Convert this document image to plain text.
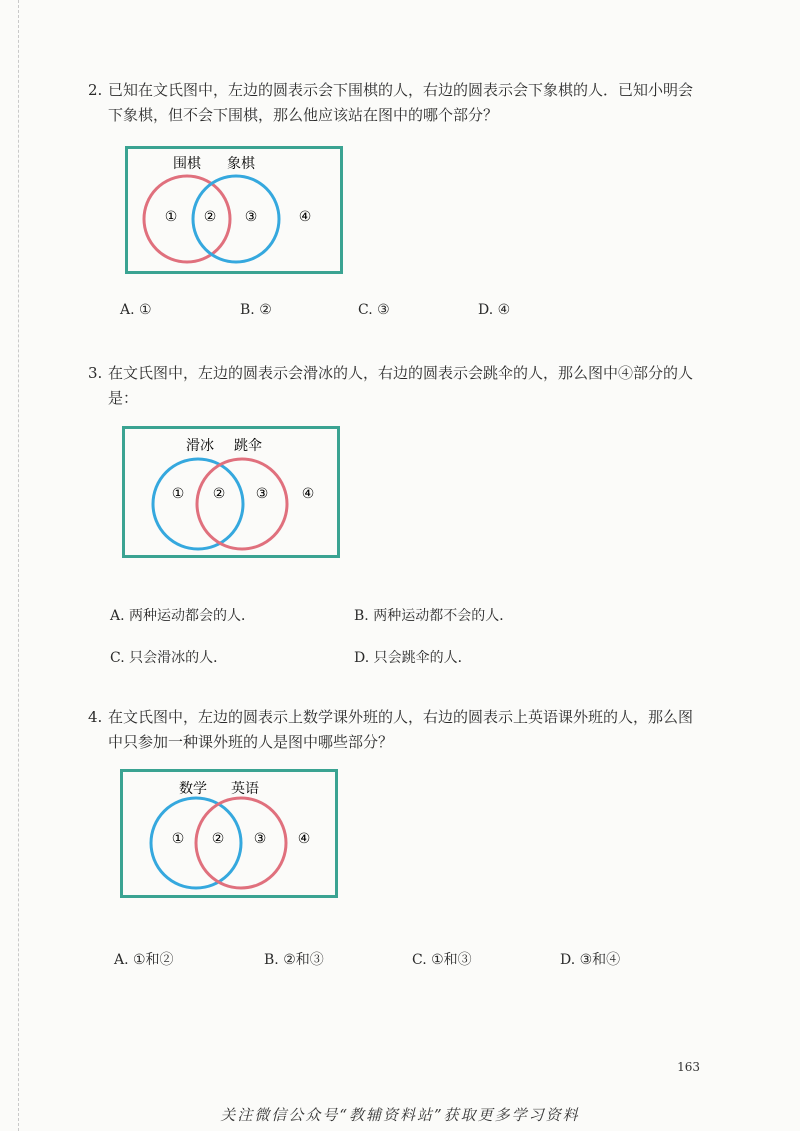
2. 已知在文氏图中，左边的圆表示会下围棋的人，右边的圆表示会下象棋的人．已知小明会
下象棋，但不会下围棋，那么他应该站在图中的哪个部分？

围棋 象棋
① ② ③	④
A. ①	B. ②	C. ③	D. ④

3. 在文氏图中，左边的圆表示会滑冰的人，右边的圆表示会跳伞的人，那么图中④部分的人
是：

滑冰 跳伞
① ② ③ ④
A. 两种运动都会的人．	B. 两种运动都不会的人．
C. 只会滑冰的人．	D. 只会跳伞的人．

4. 在文氏图中，左边的圆表示上数学课外班的人，右边的圆表示上英语课外班的人，那么图
中只参加一种课外班的人是图中哪些部分？

数学 英语
① ② ③ ④
A. ①和②	B. ②和③	C. ①和③	D. ③和④
163
关注微信公众号“教辅资料站”获取更多学习资料
